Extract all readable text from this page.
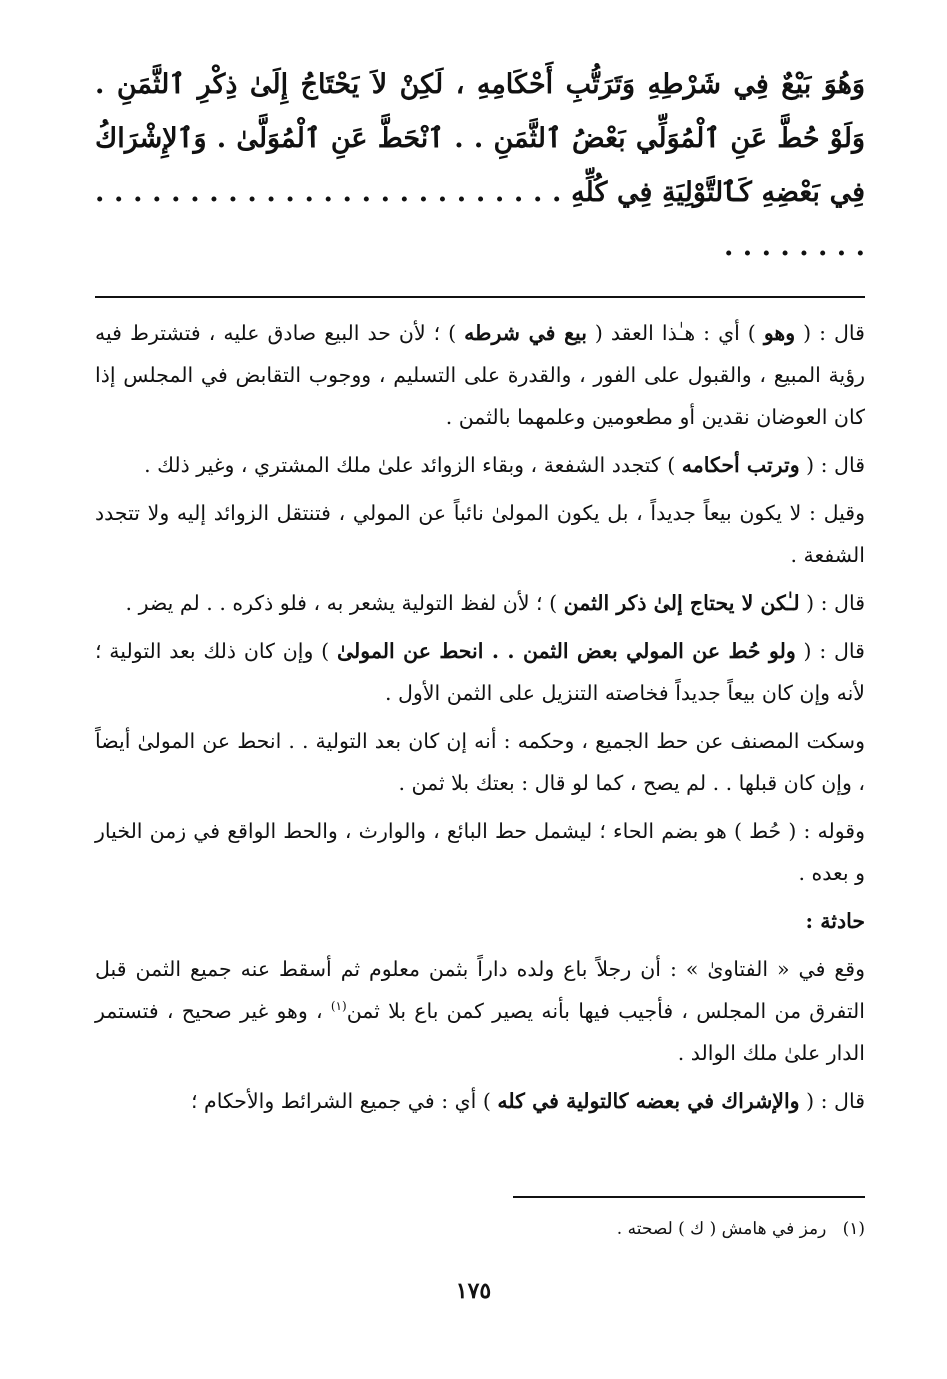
وَهُوَ بَيْعٌ فِي شَرْطِهِ وَتَرَتُّبِ أَحْكَامِهِ ، لَكِنْ لاَ يَحْتَاجُ إِلَىٰ ذِكْرِ ٱلثَّمَنِ . وَلَوْ حُطَّ عَنِ ٱلْمُوَلِّي بَعْضُ ٱلثَّمَنِ . . ٱنْحَطَّ عَنِ ٱلْمُوَلَّىٰ . وَٱلإِشْرَاكُ فِي بَعْضِهِ كَٱلتَّوْلِيَةِ فِي كُلِّهِ . . . . . . . . . . . . . . . . . . . . . . . . . . . . . . . . .

قال : ( وهو ) أي : هـٰذا العقد ( بيع في شرطه ) ؛ لأن حد البيع صادق عليه ، فتشترط فيه رؤية المبيع ، والقبول على الفور ، والقدرة على التسليم ، ووجوب التقابض في المجلس إذا كان العوضان نقدين أو مطعومين وعلمهما بالثمن .

قال : ( وترتب أحكامه ) كتجدد الشفعة ، وبقاء الزوائد علىٰ ملك المشتري ، وغير ذلك .

وقيل : لا يكون بيعاً جديداً ، بل يكون المولىٰ نائباً عن المولي ، فتنتقل الزوائد إليه ولا تتجدد الشفعة .

قال : ( لـٰكن لا يحتاج إلىٰ ذكر الثمن ) ؛ لأن لفظ التولية يشعر به ، فلو ذكره . . لم يضر .

قال : ( ولو حُط عن المولي بعض الثمن . . انحط عن المولىٰ ) وإن كان ذلك بعد التولية ؛ لأنه وإن كان بيعاً جديداً فخاصته التنزيل على الثمن الأول .

وسكت المصنف عن حط الجميع ، وحكمه : أنه إن كان بعد التولية . . انحط عن المولىٰ أيضاً ، وإن كان قبلها . . لم يصح ، كما لو قال : بعتك بلا ثمن .

وقوله : ( حُط ) هو بضم الحاء ؛ ليشمل حط البائع ، والوارث ، والحط الواقع في زمن الخيار و بعده .

حادثة :

وقع في « الفتاوىٰ » : أن رجلاً باع ولده داراً بثمن معلوم ثم أسقط عنه جميع الثمن قبل التفرق من المجلس ، فأجيب فيها بأنه يصير كمن باع بلا ثمن$^{(١)}$ ، وهو غير صحيح ، فتستمر الدار علىٰ ملك الوالد .

قال : ( والإشراك في بعضه كالتولية في كله ) أي : في جميع الشرائط والأحكام ؛

(١)   رمز في هامش ( ك ) لصحته .
١٧٥
